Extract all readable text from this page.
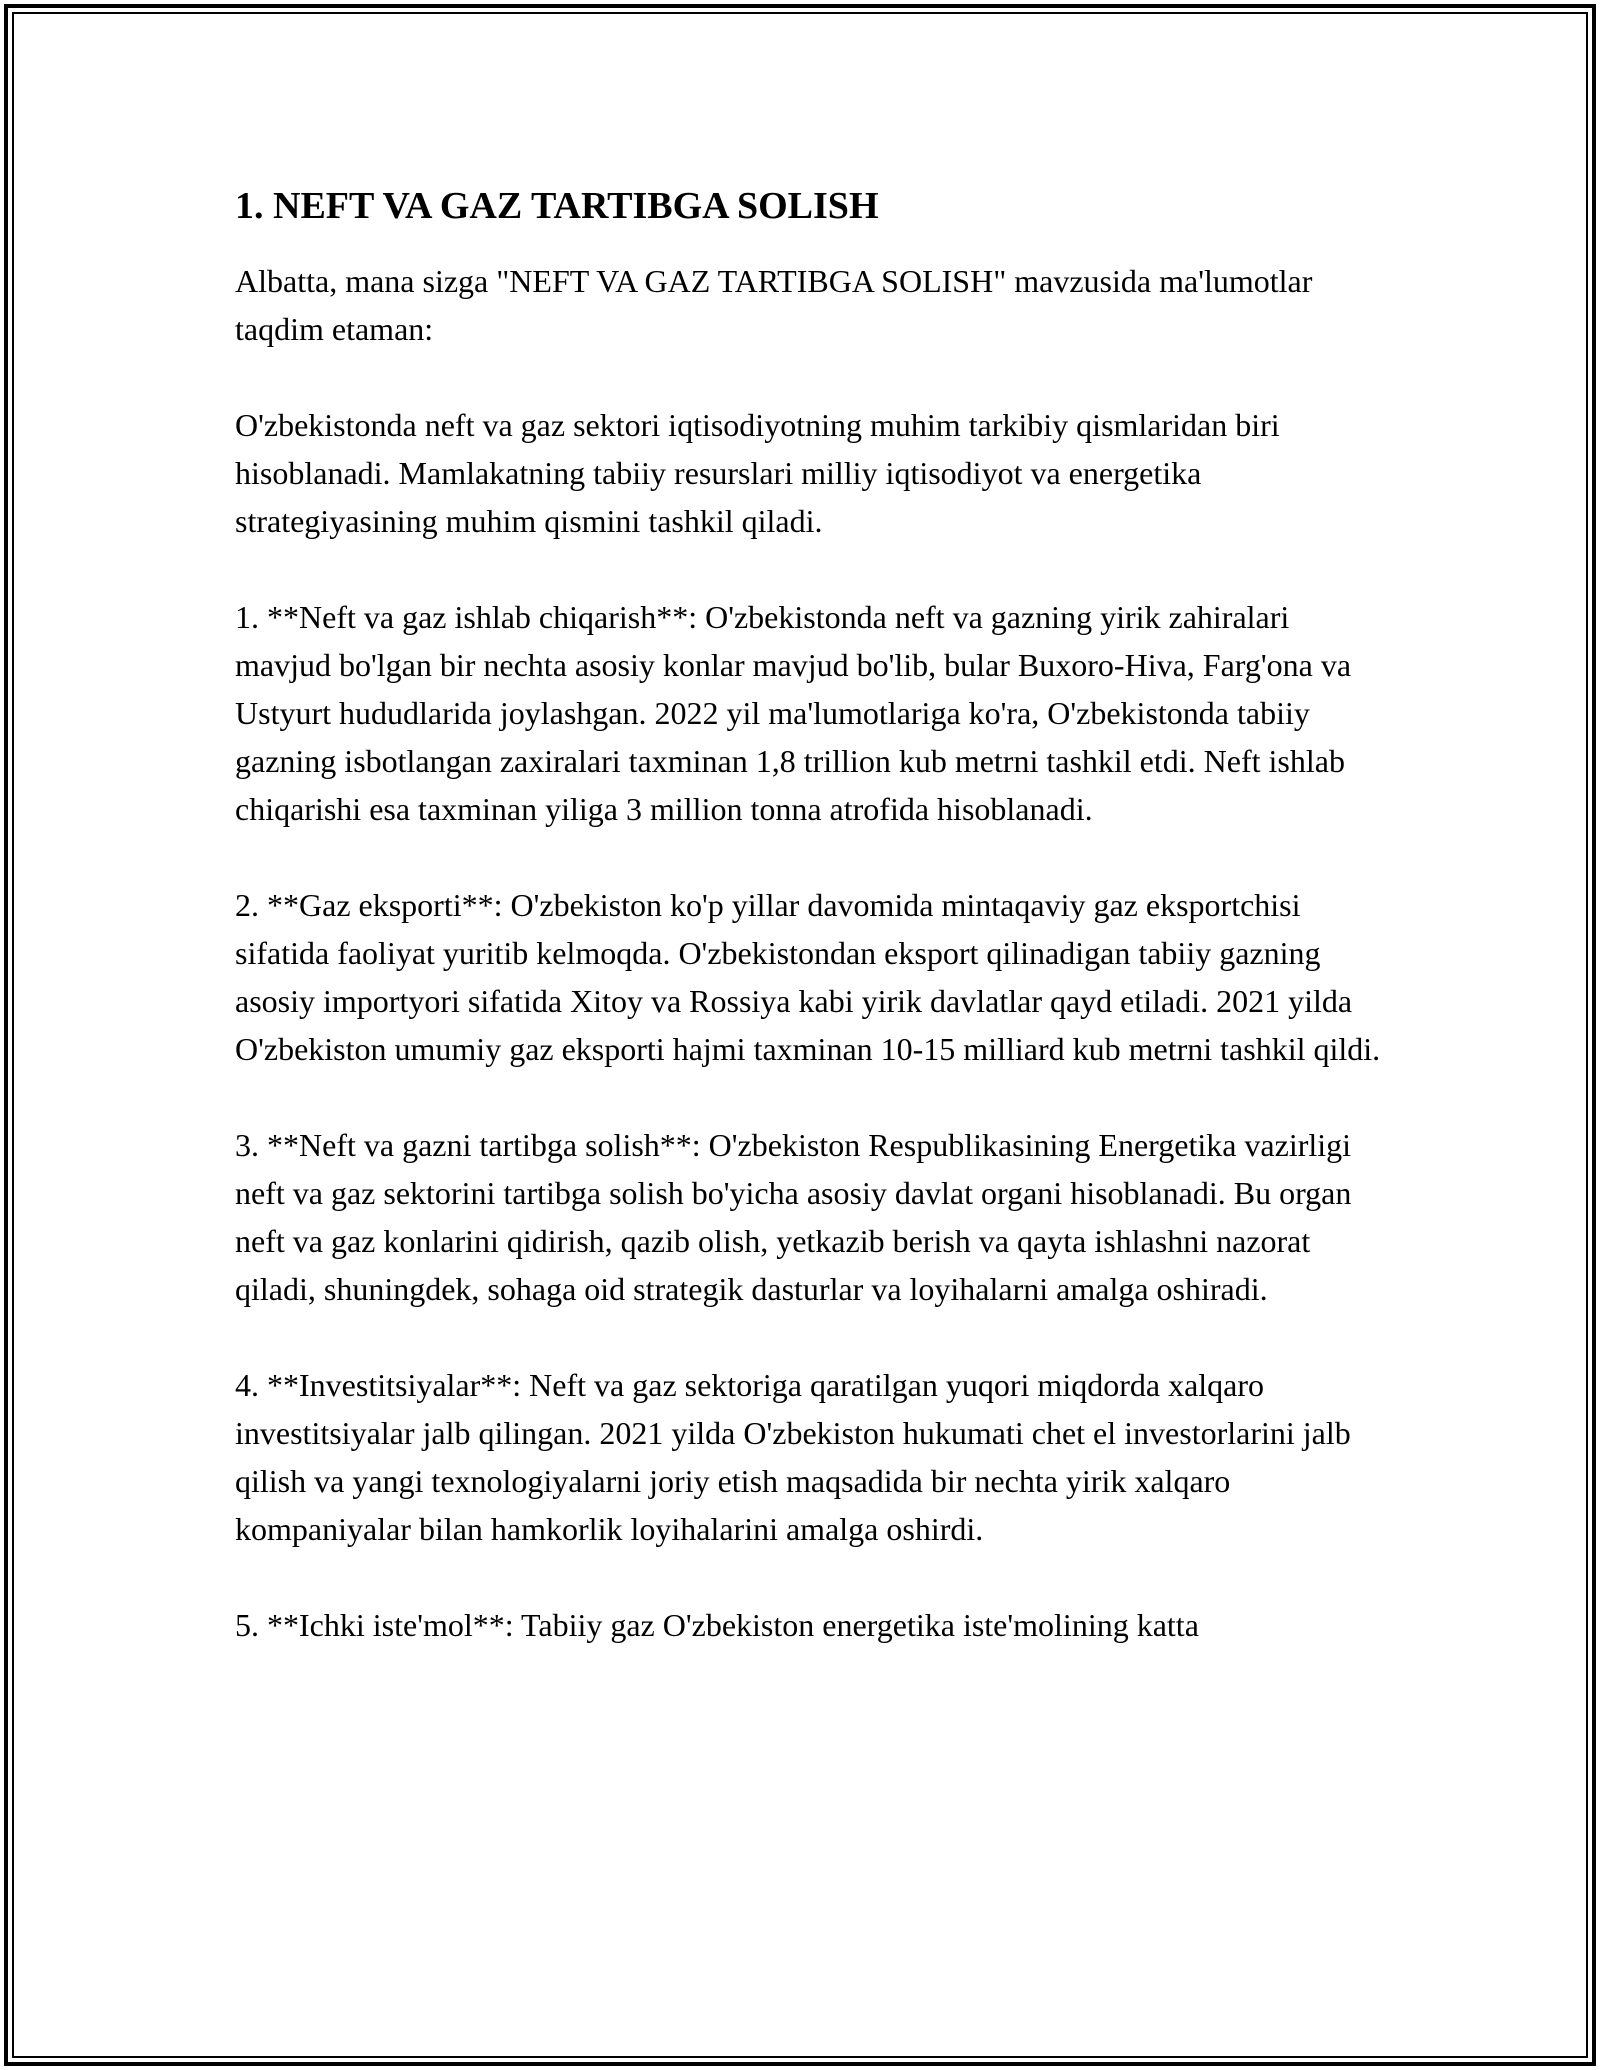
1. NEFT VA GAZ TARTIBGA SOLISH

Albatta, mana sizga "NEFT VA GAZ TARTIBGA SOLISH" mavzusida ma'lumotlar taqdim etaman:

O'zbekistonda neft va gaz sektori iqtisodiyotning muhim tarkibiy qismlaridan biri hisoblanadi. Mamlakatning tabiiy resurslari milliy iqtisodiyot va energetika strategiyasining muhim qismini tashkil qiladi.

1. **Neft va gaz ishlab chiqarish**: O'zbekistonda neft va gazning yirik zahiralari mavjud bo'lgan bir nechta asosiy konlar mavjud bo'lib, bular Buxoro-Hiva, Farg'ona va Ustyurt hududlarida joylashgan. 2022 yil ma'lumotlariga ko'ra, O'zbekistonda tabiiy gazning isbotlangan zaxiralari taxminan 1,8 trillion kub metrni tashkil etdi. Neft ishlab chiqarishi esa taxminan yiliga 3 million tonna atrofida hisoblanadi.

2. **Gaz eksporti**: O'zbekiston ko'p yillar davomida mintaqaviy gaz eksportchisi sifatida faoliyat yuritib kelmoqda. O'zbekistondan eksport qilinadigan tabiiy gazning asosiy importyori sifatida Xitoy va Rossiya kabi yirik davlatlar qayd etiladi. 2021 yilda O'zbekiston umumiy gaz eksporti hajmi taxminan 10-15 milliard kub metrni tashkil qildi.

3. **Neft va gazni tartibga solish**: O'zbekiston Respublikasining Energetika vazirligi neft va gaz sektorini tartibga solish bo'yicha asosiy davlat organi hisoblanadi. Bu organ neft va gaz konlarini qidirish, qazib olish, yetkazib berish va qayta ishlashni nazorat qiladi, shuningdek, sohaga oid strategik dasturlar va loyihalarni amalga oshiradi.

4. **Investitsiyalar**: Neft va gaz sektoriga qaratilgan yuqori miqdorda xalqaro investitsiyalar jalb qilingan. 2021 yilda O'zbekiston hukumati chet el investorlarini jalb qilish va yangi texnologiyalarni joriy etish maqsadida bir nechta yirik xalqaro kompaniyalar bilan hamkorlik loyihalarini amalga oshirdi.

5. **Ichki iste'mol**: Tabiiy gaz O'zbekiston energetika iste'molining katta
